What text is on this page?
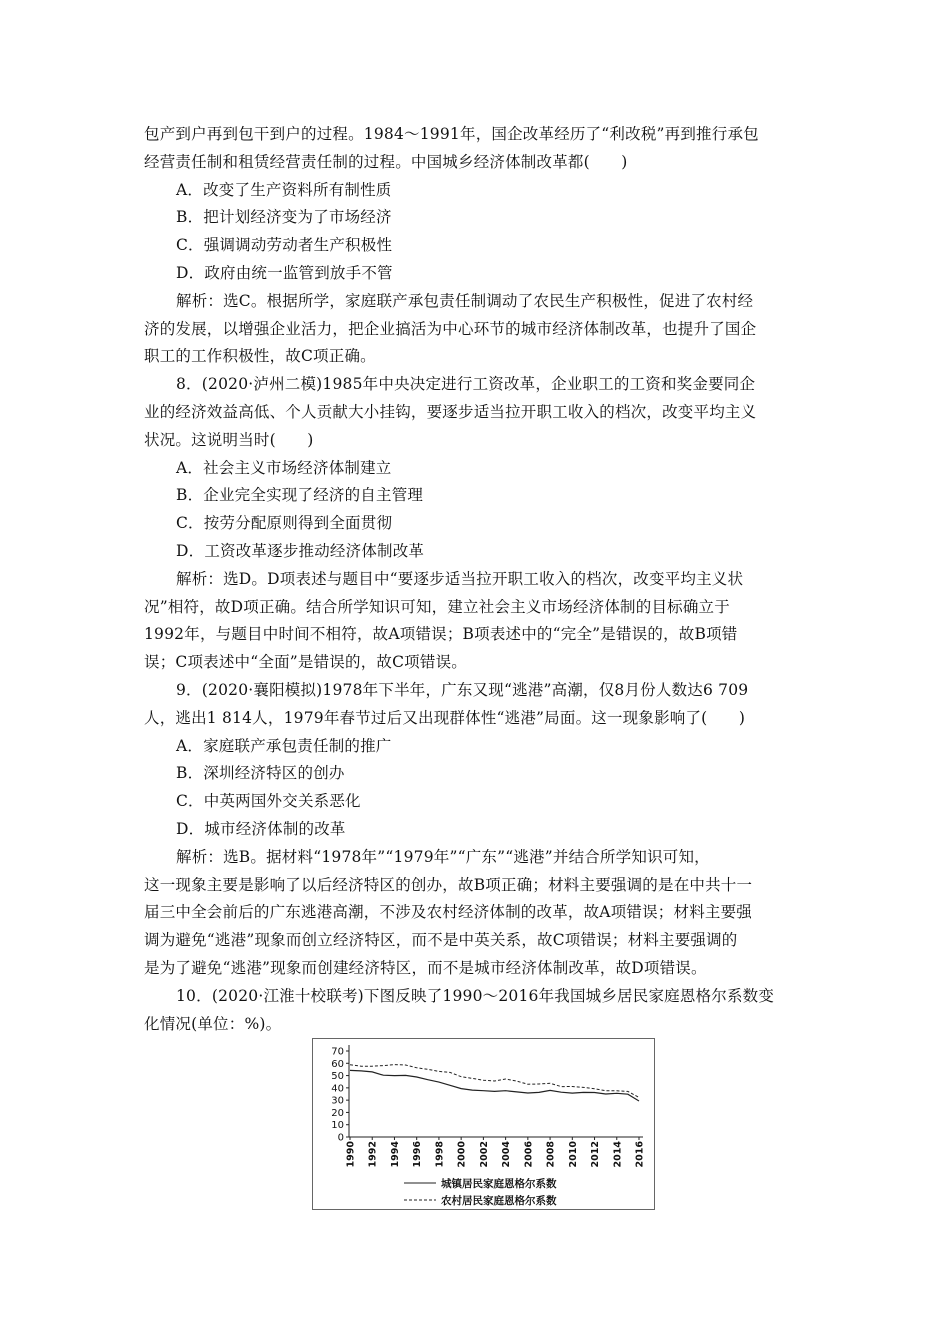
包产到户再到包干到户的过程。1984～1991年，国企改革经历了“利改税”再到推行承包
经营责任制和租赁经营责任制的过程。中国城乡经济体制改革都(　　)
A．改变了生产资料所有制性质
B．把计划经济变为了市场经济
C．强调调动劳动者生产积极性
D．政府由统一监管到放手不管
解析：选C。根据所学，家庭联产承包责任制调动了农民生产积极性，促进了农村经
济的发展，以增强企业活力，把企业搞活为中心环节的城市经济体制改革，也提升了国企
职工的工作积极性，故C项正确。
8．(2020·泸州二模)1985年中央决定进行工资改革，企业职工的工资和奖金要同企
业的经济效益高低、个人贡献大小挂钩，要逐步适当拉开职工收入的档次，改变平均主义
状况。这说明当时(　　)
A．社会主义市场经济体制建立
B．企业完全实现了经济的自主管理
C．按劳分配原则得到全面贯彻
D．工资改革逐步推动经济体制改革
解析：选D。D项表述与题目中“要逐步适当拉开职工收入的档次，改变平均主义状
况”相符，故D项正确。结合所学知识可知，建立社会主义市场经济体制的目标确立于
1992年，与题目中时间不相符，故A项错误；B项表述中的“完全”是错误的，故B项错
误；C项表述中“全面”是错误的，故C项错误。
9．(2020·襄阳模拟)1978年下半年，广东又现“逃港”高潮，仅8月份人数达6 709
人，逃出1 814人，1979年春节过后又出现群体性“逃港”局面。这一现象影响了(　　)
A．家庭联产承包责任制的推广
B．深圳经济特区的创办
C．中英两国外交关系恶化
D．城市经济体制的改革
解析：选B。据材料“1978年”“1979年”“广东”“逃港”并结合所学知识可知，
这一现象主要是影响了以后经济特区的创办，故B项正确；材料主要强调的是在中共十一
届三中全会前后的广东逃港高潮，不涉及农村经济体制的改革，故A项错误；材料主要强
调为避免“逃港”现象而创立经济特区，而不是中英关系，故C项错误；材料主要强调的
是为了避免“逃港”现象而创建经济特区，而不是城市经济体制改革，故D项错误。
10．(2020·江淮十校联考)下图反映了1990～2016年我国城乡居民家庭恩格尔系数变
化情况(单位：%)。
0
10
20
30
40
50
60
70
1990 1992 1994 1996 1998 2000 2002 2004 2006 2008 2010 2012 2014 2016
城镇居民家庭恩格尔系数
农村居民家庭恩格尔系数
